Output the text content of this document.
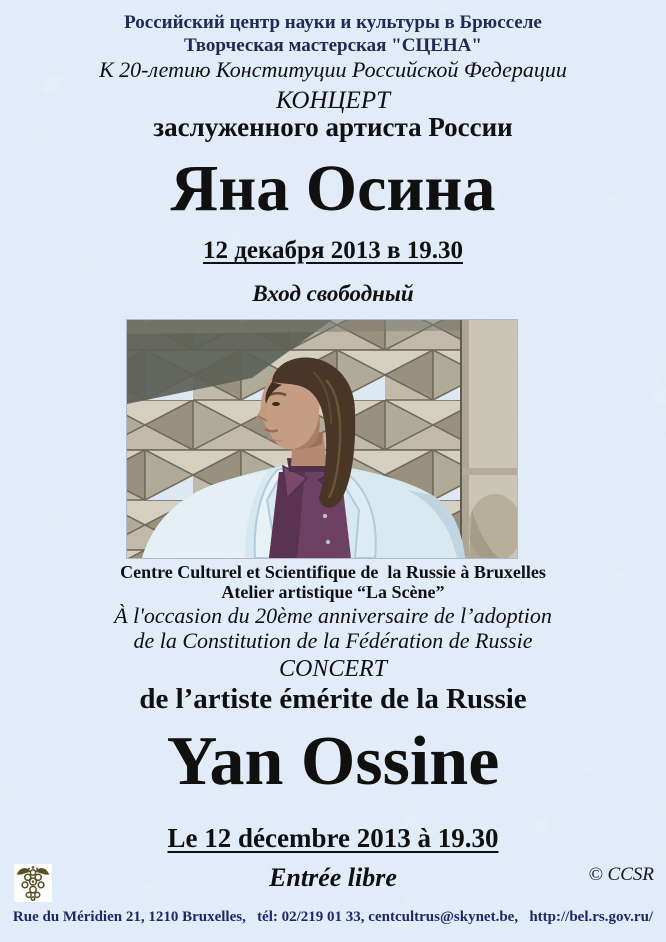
Российский центр науки и культуры в Брюсселе
Творческая мастерская "СЦЕНА"
К 20-летию Конституции Российской Федерации
КОНЦЕРТ
заслуженного артиста России
Яна Осина
12 декабря 2013 в 19.30
Вход свободный
Centre Culturel et Scientifique de  la Russie à Bruxelles
Atelier artistique “La Scène”
À l'occasion du 20ème anniversaire de l’adoption
de la Constitution de la Fédération de Russie
CONCERT
de l’artiste émérite de la Russie
Yan Ossine
Le 12 décembre 2013 à 19.30
Entrée libre	© CCSR
Rue du Méridien 21, 1210 Bruxelles,   tél: 02/219 01 33, centcultrus@skynet.be,   http://bel.rs.gov.ru/
